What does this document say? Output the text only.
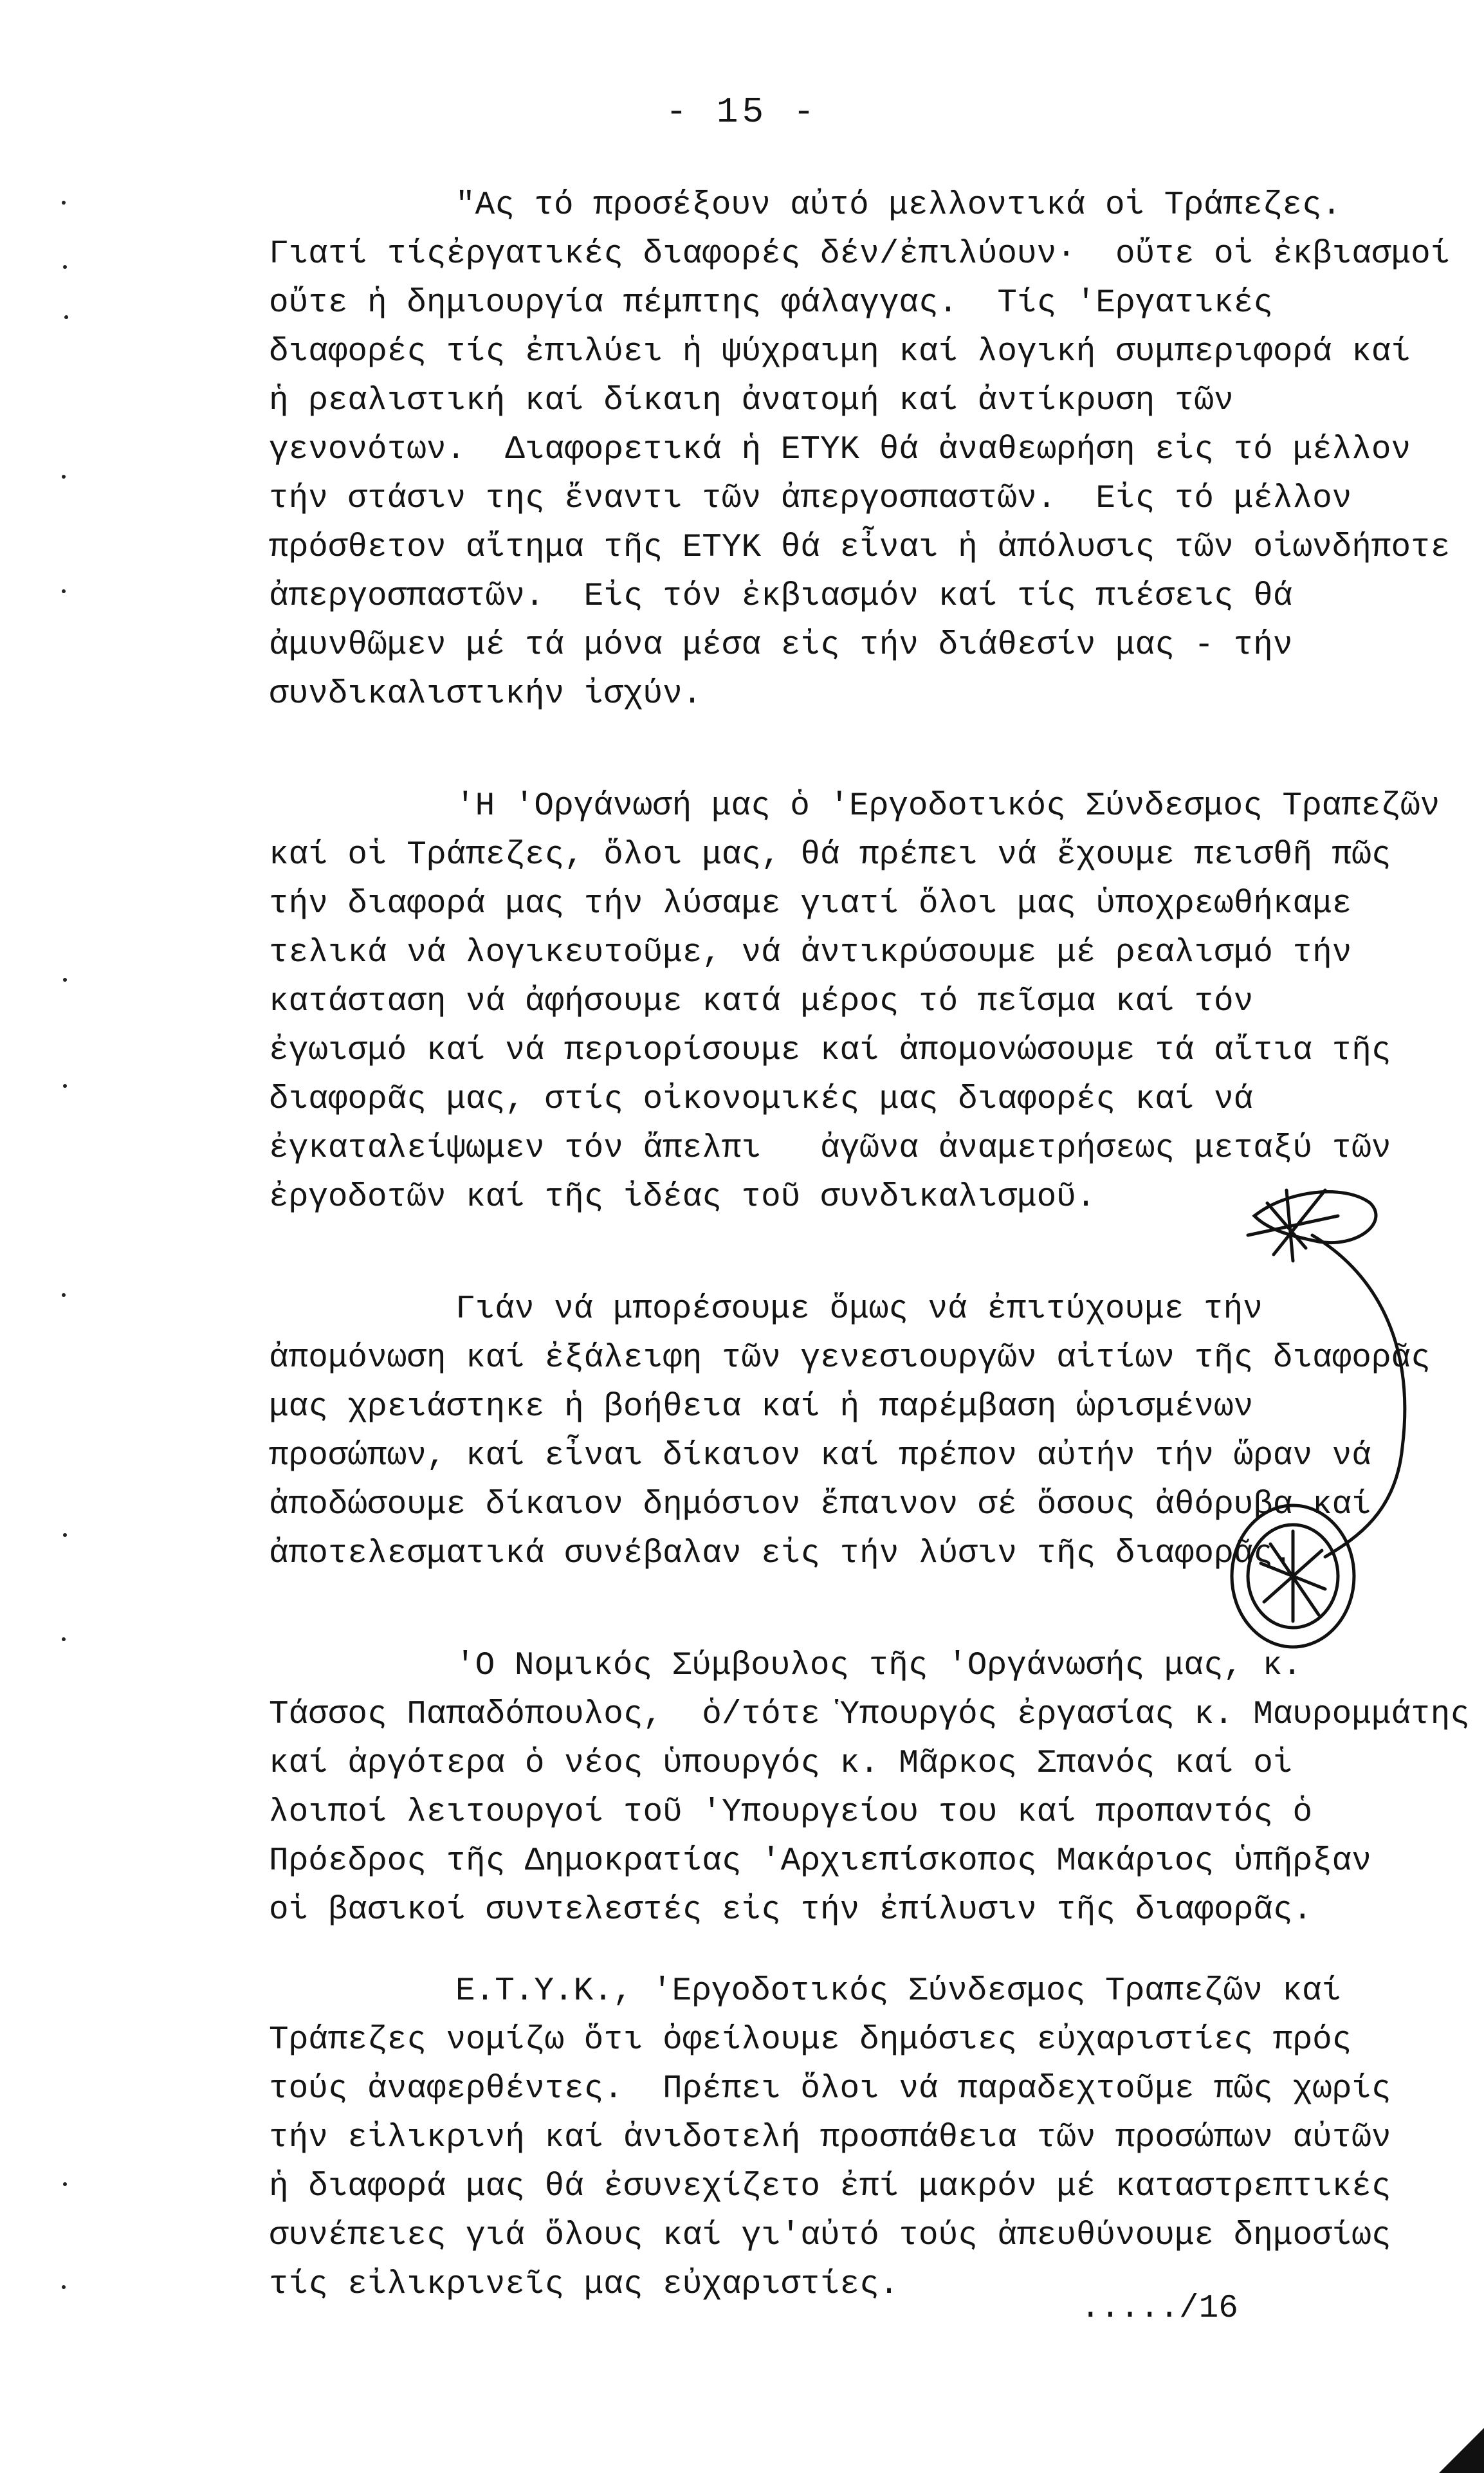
- 15 -
"Ας τό προσέξουν αὐτό μελλοντικά οἱ Τράπεζες.
Γιατί τίςἐργατικές διαφορές δέν/ἐπιλύουν·  οὔτε οἱ ἐκβιασμοί
οὔτε ἡ δημιουργία πέμπτης φάλαγγας.  Τίς 'Εργατικές
διαφορές τίς ἐπιλύει ἡ ψύχραιμη καί λογική συμπεριφορά καί
ἡ ρεαλιστική καί δίκαιη ἀνατομή καί ἀντίκρυση τῶν
γενονότων.  Διαφορετικά ἡ ΕΤΥΚ θά ἀναθεωρήση εἰς τό μέλλον
τήν στάσιν της ἔναντι τῶν ἀπεργοσπαστῶν.  Εἰς τό μέλλον
πρόσθετον αἴτημα τῆς ΕΤΥΚ θά εἶναι ἡ ἀπόλυσις τῶν οἰωνδήποτε
ἀπεργοσπαστῶν.  Εἰς τόν ἐκβιασμόν καί τίς πιέσεις θά
ἀμυνθῶμεν μέ τά μόνα μέσα εἰς τήν διάθεσίν μας - τήν
συνδικαλιστικήν ἰσχύν.
'Η 'Οργάνωσή μας ὁ 'Εργοδοτικός Σύνδεσμος Τραπεζῶν
καί οἱ Τράπεζες, ὅλοι μας, θά πρέπει νά ἔχουμε πεισθῆ πῶς
τήν διαφορά μας τήν λύσαμε γιατί ὅλοι μας ὑποχρεωθήκαμε
τελικά νά λογικευτοῦμε, νά ἀντικρύσουμε μέ ρεαλισμό τήν
κατάσταση νά ἀφήσουμε κατά μέρος τό πεῖσμα καί τόν
ἐγωισμό καί νά περιορίσουμε καί ἀπομονώσουμε τά αἴτια τῆς
διαφορᾶς μας, στίς οἰκονομικές μας διαφορές καί νά
ἐγκαταλείψωμεν τόν ἄπελπι   ἀγῶνα ἀναμετρήσεως μεταξύ τῶν
ἐργοδοτῶν καί τῆς ἰδέας τοῦ συνδικαλισμοῦ.
Γιάν νά μπορέσουμε ὅμως νά ἐπιτύχουμε τήν
ἀπομόνωση καί ἐξάλειφη τῶν γενεσιουργῶν αἰτίων τῆς διαφορᾶς
μας χρειάστηκε ἡ βοήθεια καί ἡ παρέμβαση ὡρισμένων
προσώπων, καί εἶναι δίκαιον καί πρέπον αὐτήν τήν ὥραν νά
ἀποδώσουμε δίκαιον δημόσιον ἔπαινον σέ ὅσους ἀθόρυβα καί
ἀποτελεσματικά συνέβαλαν εἰς τήν λύσιν τῆς διαφορᾶς.
'Ο Νομικός Σύμβουλος τῆς 'Οργάνωσής μας, κ.
Τάσσος Παπαδόπουλος,  ὁ/τότε Ὑπουργός ἐργασίας κ. Μαυρομμάτης
καί ἀργότερα ὁ νέος ὑπουργός κ. Μᾶρκος Σπανός καί οἱ
λοιποί λειτουργοί τοῦ 'Υπουργείου του καί προπαντός ὁ
Πρόεδρος τῆς Δημοκρατίας 'Αρχιεπίσκοπος Μακάριος ὑπῆρξαν
οἱ βασικοί συντελεστές εἰς τήν ἐπίλυσιν τῆς διαφορᾶς.
Ε.Τ.Υ.Κ., 'Εργοδοτικός Σύνδεσμος Τραπεζῶν καί
Τράπεζες νομίζω ὅτι ὀφείλουμε δημόσιες εὐχαριστίες πρός
τούς ἀναφερθέντες.  Πρέπει ὅλοι νά παραδεχτοῦμε πῶς χωρίς
τήν εἰλικρινή καί ἀνιδοτελή προσπάθεια τῶν προσώπων αὐτῶν
ἡ διαφορά μας θά ἐσυνεχίζετο ἐπί μακρόν μέ καταστρεπτικές
συνέπειες γιά ὅλους καί γι'αὐτό τούς ἀπευθύνουμε δημοσίως
τίς εἰλικρινεῖς μας εὐχαριστίες.
...../16
